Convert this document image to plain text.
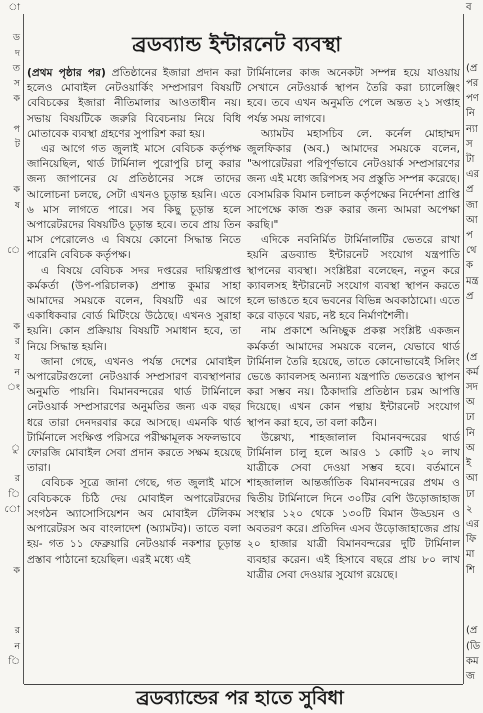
া

ড
দ
ত
স
ক

প
ট

ক
ষ

ে

ক
র
য
ন
ং

ু

র
ি
ো

ক

র
ন
ি

ব

(প্র
পর
পণ
নি
ন্যা
স
টা
এর
প্র
জা
আ
প
থে
ক
মন্ত্র
প্র

(প্র
কর্ম
সদ
অ
ঢা
নি
অ
ই
আ
ঢা
২
এর
ফি
মা
শি

(প্র
(ডি
কম
জ

ব্রডব্যান্ড ইন্টারনেট ব্যবস্থা

(প্রথম পৃষ্ঠার পর) প্রতিষ্ঠানের ইজারা প্রদান করা হলেও মোবাইল নেটওয়ার্কিং সম্প্রসারণ বিষয়টি বেবিচকের ইজারা নীতিমালার আওতাধীন নয়। সভায় বিষয়টিকে জরুরি বিবেচনায় নিয়ে বিধি মোতাবেক ব্যবস্থা গ্রহণের সুপারিশ করা হয়।

এর আগে গত জুলাই মাসে বেবিচক কর্তৃপক্ষ জানিয়েছিল, থার্ড টার্মিনাল পুরোপুরি চালু করার জন্য জাপানের যে প্রতিষ্ঠানের সঙ্গে তাদের আলোচনা চলছে, সেটা এখনও চূড়ান্ত হয়নি। এতে ৬ মাস লাগতে পারে। সব কিছু চূড়ান্ত হলে অপারেটরদের বিষয়টিও চূড়ান্ত হবে। তবে প্রায় তিন মাস পেরোলেও এ বিষয়ে কোনো সিদ্ধান্ত নিতে পারেনি বেবিচক কর্তৃপক্ষ।

এ বিষয়ে বেবিচক সদর দপ্তরের দায়িত্বপ্রাপ্ত কর্মকর্তা (উপ-পরিচালক) প্রশান্ত কুমার সাহা আমাদের সময়কে বলেন, বিষয়টি এর আগে একাধিকবার বোর্ড মিটিংয়ে উঠেছে। এখনও সুরাহা হয়নি। কোন প্রক্রিয়ায় বিষয়টি সমাধান হবে, তা নিয়ে সিদ্ধান্ত হয়নি।

জানা গেছে, এখনও পর্যন্ত দেশের মোবাইল অপারেটরগুলো নেটওয়ার্ক সম্প্রসারণ ব্যবস্থাপনার অনুমতি পায়নি। বিমানবন্দরের থার্ড টার্মিনালে নেটওয়ার্ক সম্প্রসারণের অনুমতির জন্য এক বছর ধরে তারা দেনদরবার করে আসছে। এমনকি থার্ড টার্মিনালে সংক্ষিপ্ত পরিসরে পরীক্ষামূলক সফলভাবে ফোরজি মোবাইল সেবা প্রদান করতে সক্ষম হয়েছে তারা।

বেবিচক সূত্রে জানা গেছে, গত জুলাই মাসে বেবিচককে চিঠি দেয় মোবাইল অপারেটরদের সংগঠন অ্যাসোসিয়েশন অব মোবাইল টেলিকম অপারেটরস অব বাংলাদেশ (অ্যামটব)। তাতে বলা হয়- গত ১১ ফেব্রুয়ারি নেটওয়ার্ক নকশার চূড়ান্ত প্রস্তাব পাঠানো হয়েছিল। এরই মধ্যে এই

টার্মিনালের কাজ অনেকটা সম্পন্ন হয়ে যাওয়ায় সেখানে নেটওয়ার্ক স্থাপন তৈরি করা চ্যালেঞ্জিং হবে। তবে এখন অনুমতি পেলে অন্তত ২১ সপ্তাহ পর্যন্ত সময় লাগবে।

অ্যামটব মহাসচিব লে. কর্নেল মোহাম্মদ জুলফিকার (অব.) আমাদের সময়কে বলেন, "অপারেটররা পরিপূর্ণভাবে নেটওয়ার্ক সম্প্রসারণের জন্য এই মধ্যে জরিপসহ সব প্রস্তুতি সম্পন্ন করেছে। বেসামরিক বিমান চলাচল কর্তৃপক্ষের নির্দেশনা প্রাপ্তি সাপেক্ষে কাজ শুরু করার জন্য আমরা অপেক্ষা করছি।"

এদিকে নবনির্মিত টার্মিনালটির ভেতরে রাখা হয়নি ব্রডব্যান্ড ইন্টারনেট সংযোগ যন্ত্রপাতি স্থাপনের ব্যবস্থা। সংশ্লিষ্টরা বলেছেন, নতুন করে ক্যাবলসহ ইন্টারনেট সংযোগ ব্যবস্থা স্থাপন করতে হলে ভাঙতে হবে ভবনের বিভিন্ন অবকাঠামো। এতে করে বাড়বে খরচ, নষ্ট হবে নির্মাণশৈলী।

নাম প্রকাশে অনিচ্ছুক প্রকল্প সংশ্লিষ্ট একজন কর্মকর্তা আমাদের সময়কে বলেন, যেভাবে থার্ড টার্মিনাল তৈরি হয়েছে, তাতে কোনোভাবেই সিলিং ভেঙে ক্যাবলসহ অন্যান্য যন্ত্রপাতি ভেতরেও স্থাপন করা সম্ভব নয়। ঠিকাদারি প্রতিষ্ঠান চরম আপত্তি দিয়েছে। এখন কোন পন্থায় ইন্টারনেট সংযোগ স্থাপন করা হবে, তা বলা কঠিন।

উল্লেখ্য, শাহজালাল বিমানবন্দরের থার্ড টার্মিনাল চালু হলে আরও ১ কোটি ২০ লাখ যাত্রীকে সেবা দেওয়া সম্ভব হবে। বর্তমানে শাহজালাল আন্তর্জাতিক বিমানবন্দরের প্রথম ও দ্বিতীয় টার্মিনালে দিনে ৩০টির বেশি উড়োজাহাজ সংস্থার ১২০ থেকে ১৩০টি বিমান উড্ডয়ন ও অবতরণ করে। প্রতিদিন এসব উড়োজাহাজের প্রায় ২০ হাজার যাত্রী বিমানবন্দরের দুটি টার্মিনাল ব্যবহার করেন। এই হিসাবে বছরে প্রায় ৮০ লাখ যাত্রীর সেবা দেওয়ার সুযোগ রয়েছে।

ব্রডব্যান্ডের পর হাতে সুবিধা
